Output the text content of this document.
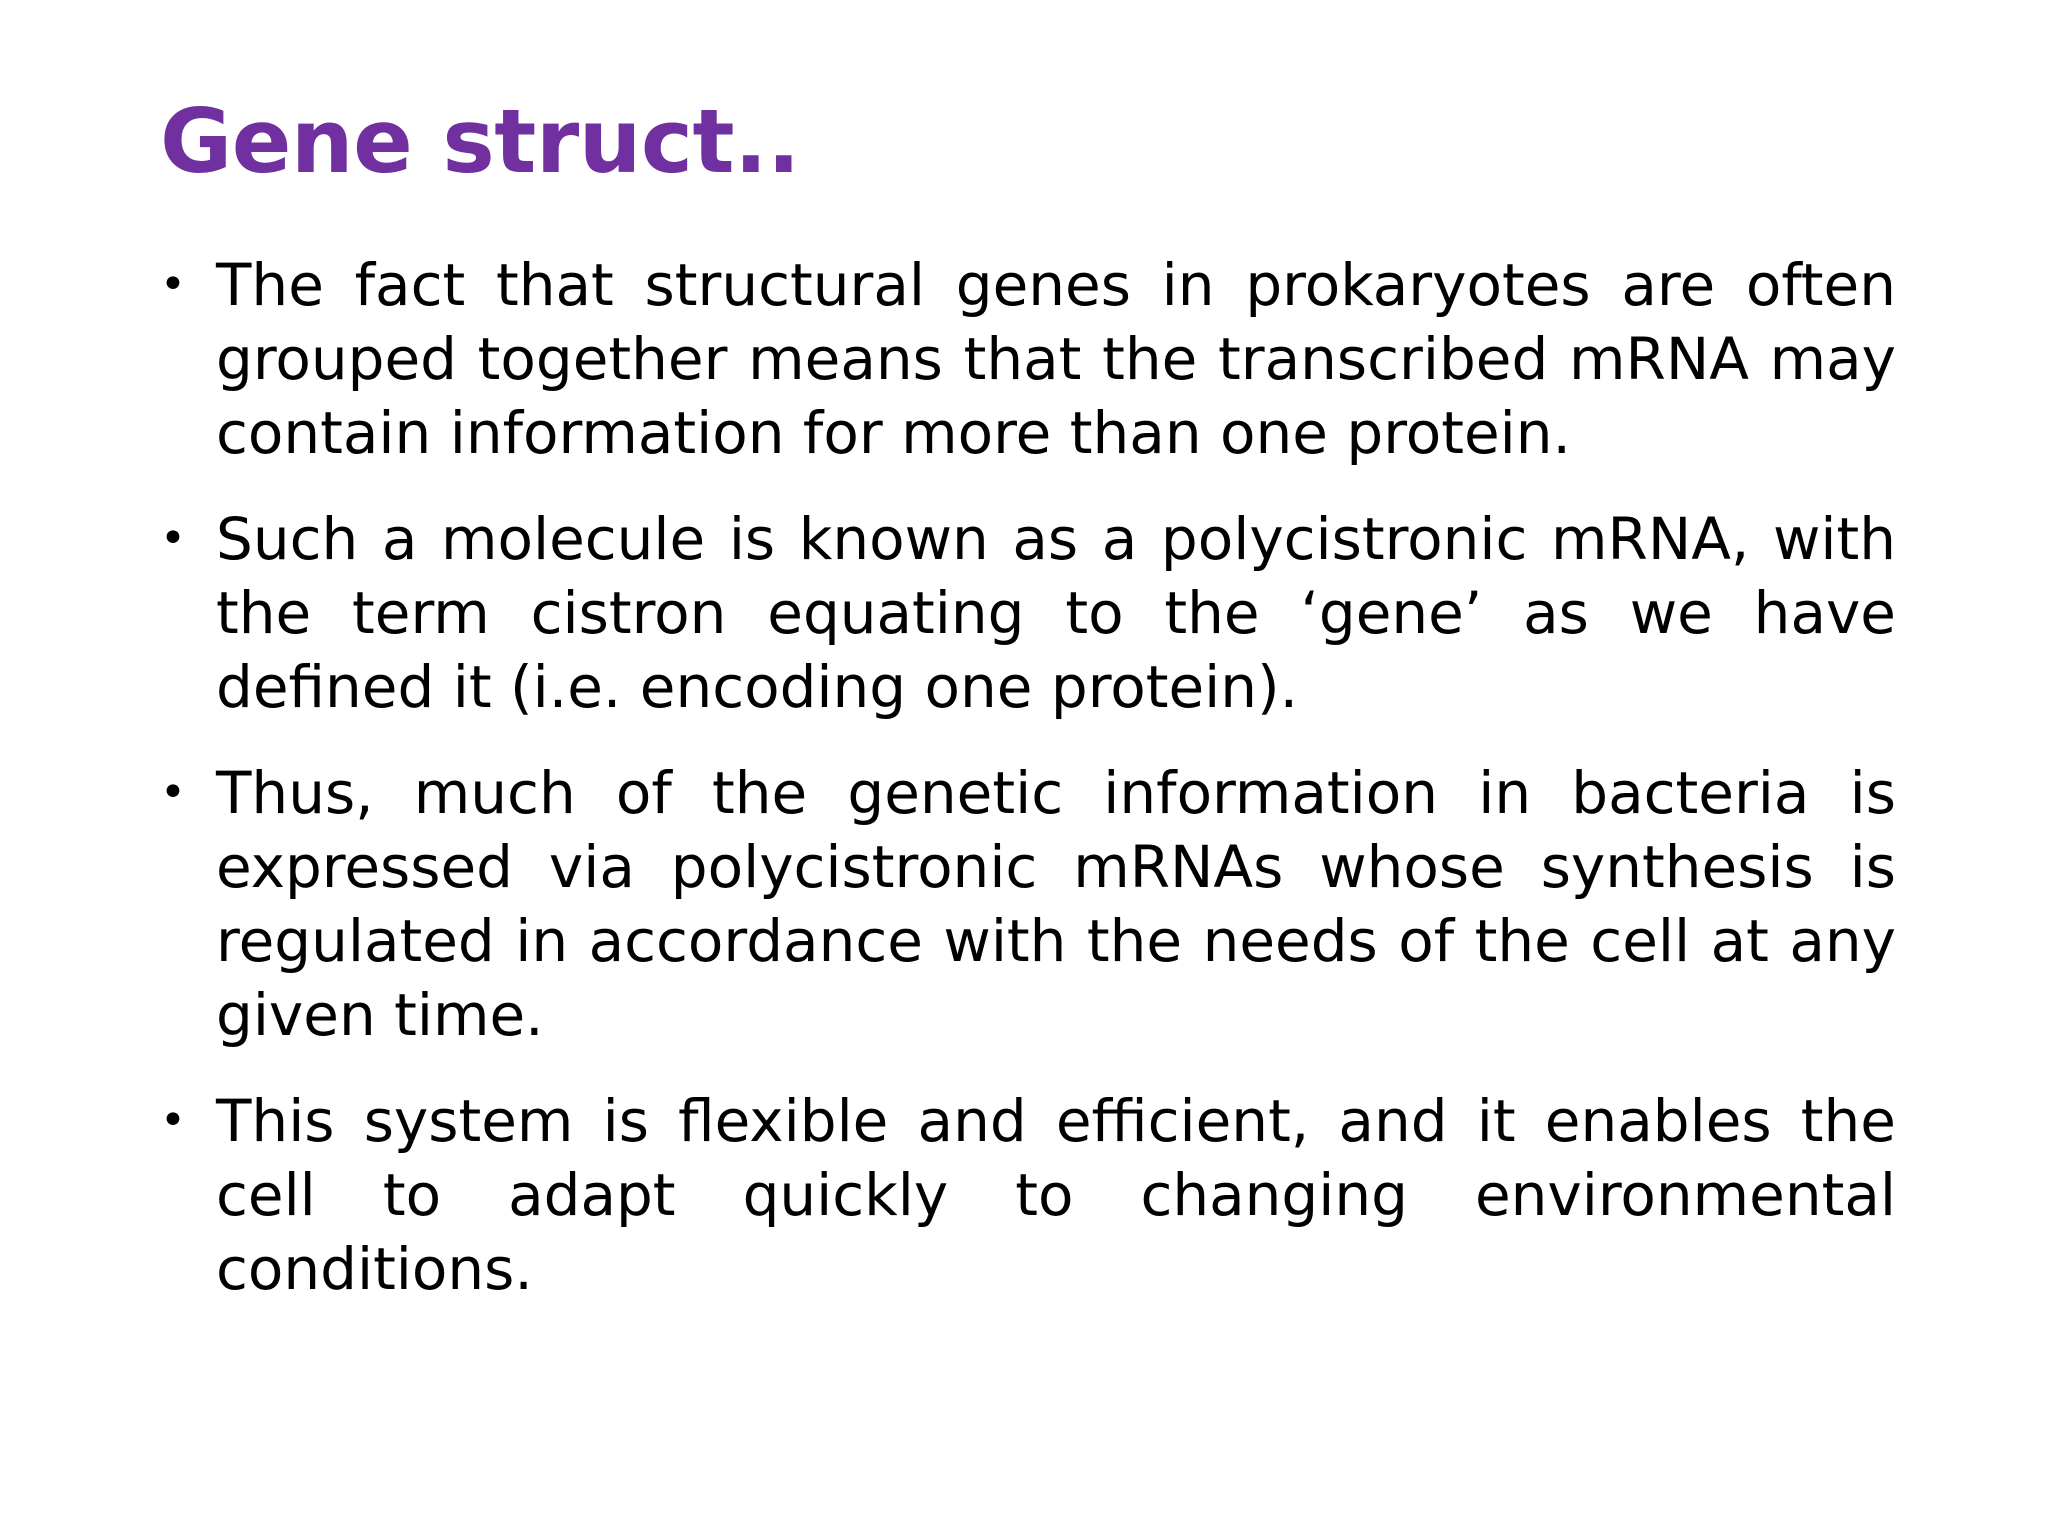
Gene struct..
• The fact that structural genes in prokaryotes are often grouped together means that the transcribed mRNA may contain information for more than one protein.
• Such a molecule is known as a polycistronic mRNA, with the term cistron equating to the ‘gene’ as we have defined it (i.e. encoding one protein).
• Thus, much of the genetic information in bacteria is expressed via polycistronic mRNAs whose synthesis is regulated in accordance with the needs of the cell at any given time.
• This system is flexible and efficient, and it enables the cell to adapt quickly to changing environmental conditions.
